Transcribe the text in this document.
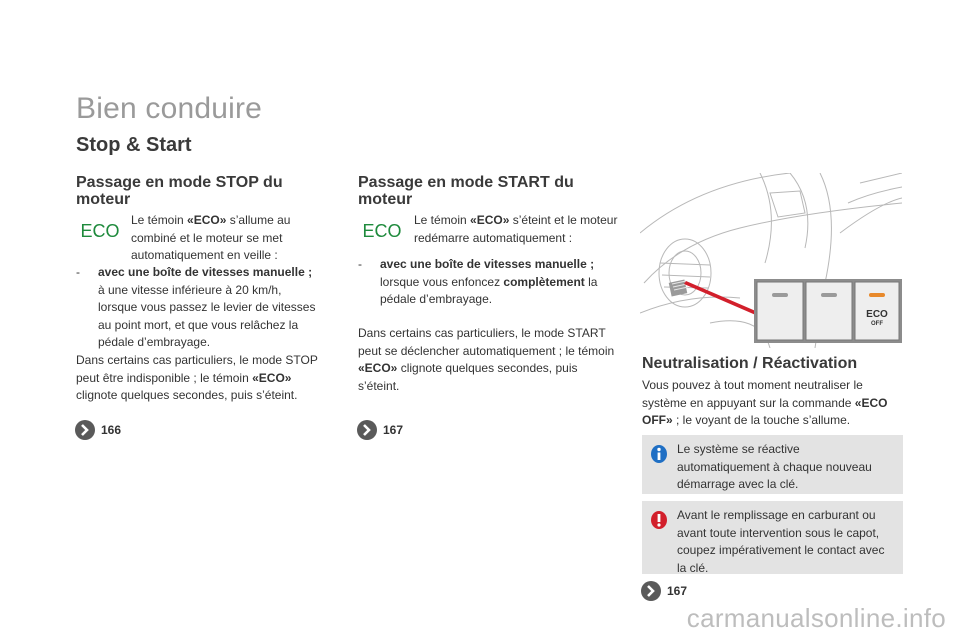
Bien conduire
Stop & Start
Passage en mode STOP du moteur
ECO
Le témoin «ECO» s’allume au combiné et le moteur se met automatiquement en veille :
-	avec une boîte de vitesses manuelle ; à une vitesse inférieure à 20 km/h, lorsque vous passez le levier de vitesses au point mort, et que vous relâchez la pédale d’embrayage.
Dans certains cas particuliers, le mode STOP peut être indisponible ; le témoin «ECO» clignote quelques secondes, puis s’éteint.
166
Passage en mode START du moteur
ECO
Le témoin «ECO» s’éteint et le moteur redémarre automatiquement :
-	avec une boîte de vitesses manuelle ; lorsque vous enfoncez complètement la pédale d’embrayage.
Dans certains cas particuliers, le mode START peut se déclencher automatiquement ; le témoin «ECO» clignote quelques secondes, puis s’éteint.
167
ECO
OFF
Neutralisation / Réactivation
Vous pouvez à tout moment neutraliser le système en appuyant sur la commande «ECO OFF» ; le voyant de la touche s’allume.
Le système se réactive automatiquement à chaque nouveau démarrage avec la clé.
Avant le remplissage en carburant ou avant toute intervention sous le capot, coupez impérativement le contact avec la clé.
167
carmanualsonline.info
